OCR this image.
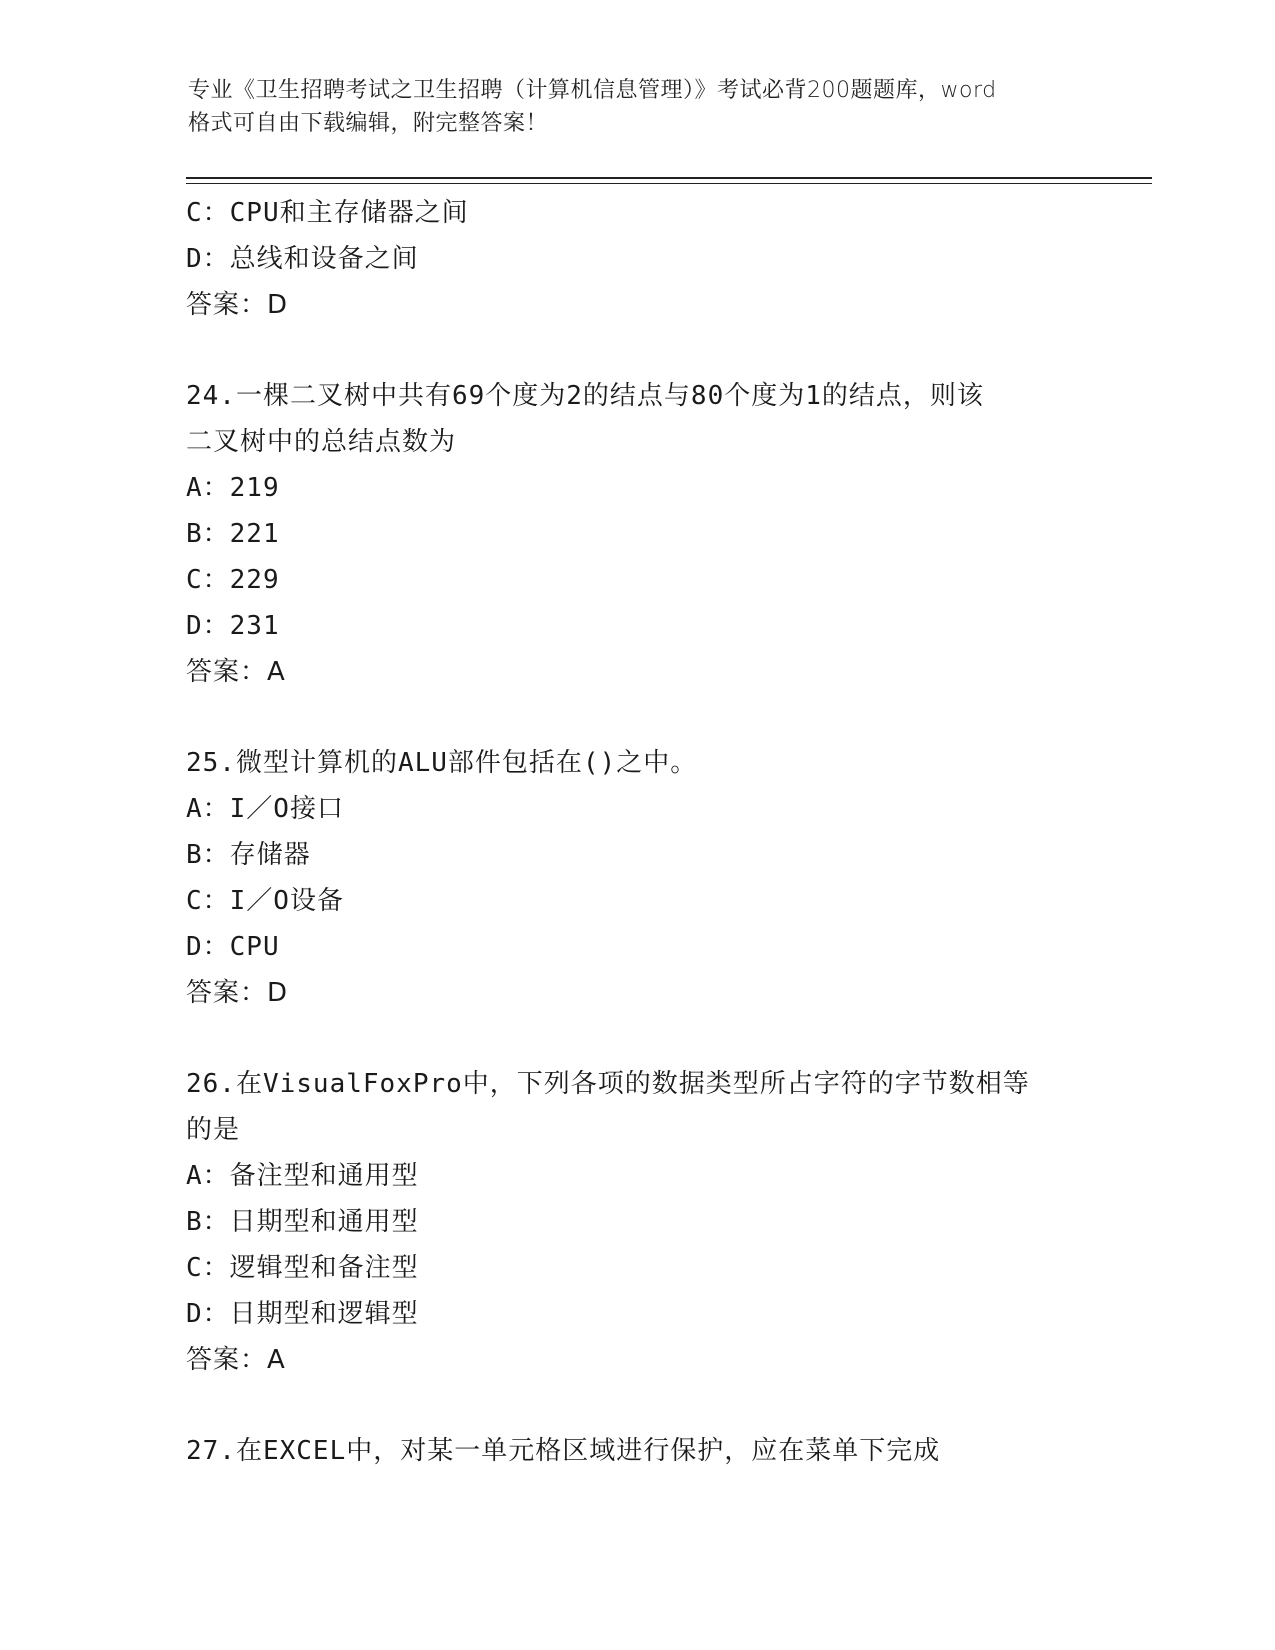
专业《卫生招聘考试之卫生招聘（计算机信息管理）》考试必背200题题库，word
格式可自由下载编辑，附完整答案！
C：CPU和主存储器之间
D：总线和设备之间
答案：D
24.一棵二叉树中共有69个度为2的结点与80个度为1的结点，则该
二叉树中的总结点数为
A：219
B：221
C：229
D：231
答案：A
25.微型计算机的ALU部件包括在()之中。
A：I／O接口
B：存储器
C：I／O设备
D：CPU
答案：D
26.在VisualFoxPro中，下列各项的数据类型所占字符的字节数相等
的是
A：备注型和通用型
B：日期型和通用型
C：逻辑型和备注型
D：日期型和逻辑型
答案：A
27.在EXCEL中，对某一单元格区域进行保护，应在菜单下完成
